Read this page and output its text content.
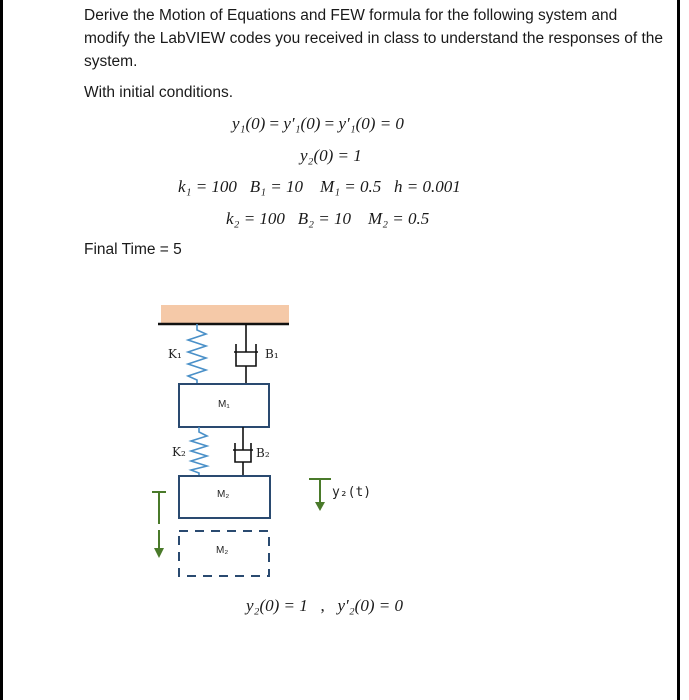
Derive the Motion of Equations and FEW formula for the following system and modify the LabVIEW codes you received in class to understand the responses of the system.

With initial conditions.

y₁(0) = y′₁(0) = y′₁(0) = 0

y₂(0) = 1

k₁ = 100 B₁ = 10 M₁ = 0.5 h = 0.001

k₂ = 100 B₂ = 10 M₂ = 0.5

Final Time = 5

K₁	B₁
M₁
K₂	B₂
M₂
M₂
y₂(t)

y₂(0) = 1 , y′₂(0) = 0
